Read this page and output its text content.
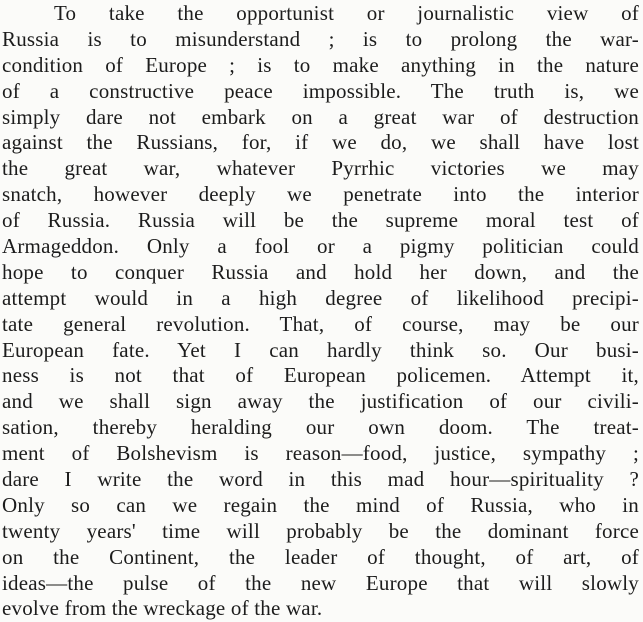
To take the opportunist or journalistic view of
Russia is to misunderstand ; is to prolong the war-
condition of Europe ; is to make anything in the nature
of a constructive peace impossible. The truth is, we
simply dare not embark on a great war of destruction
against the Russians, for, if we do, we shall have lost
the great war, whatever Pyrrhic victories we may
snatch, however deeply we penetrate into the interior
of Russia. Russia will be the supreme moral test of
Armageddon. Only a fool or a pigmy politician could
hope to conquer Russia and hold her down, and the
attempt would in a high degree of likelihood precipi-
tate general revolution. That, of course, may be our
European fate. Yet I can hardly think so. Our busi-
ness is not that of European policemen. Attempt it,
and we shall sign away the justification of our civili-
sation, thereby heralding our own doom. The treat-
ment of Bolshevism is reason—food, justice, sympathy ;
dare I write the word in this mad hour—spirituality ?
Only so can we regain the mind of Russia, who in
twenty years' time will probably be the dominant force
on the Continent, the leader of thought, of art, of
ideas—the pulse of the new Europe that will slowly
evolve from the wreckage of the war.
